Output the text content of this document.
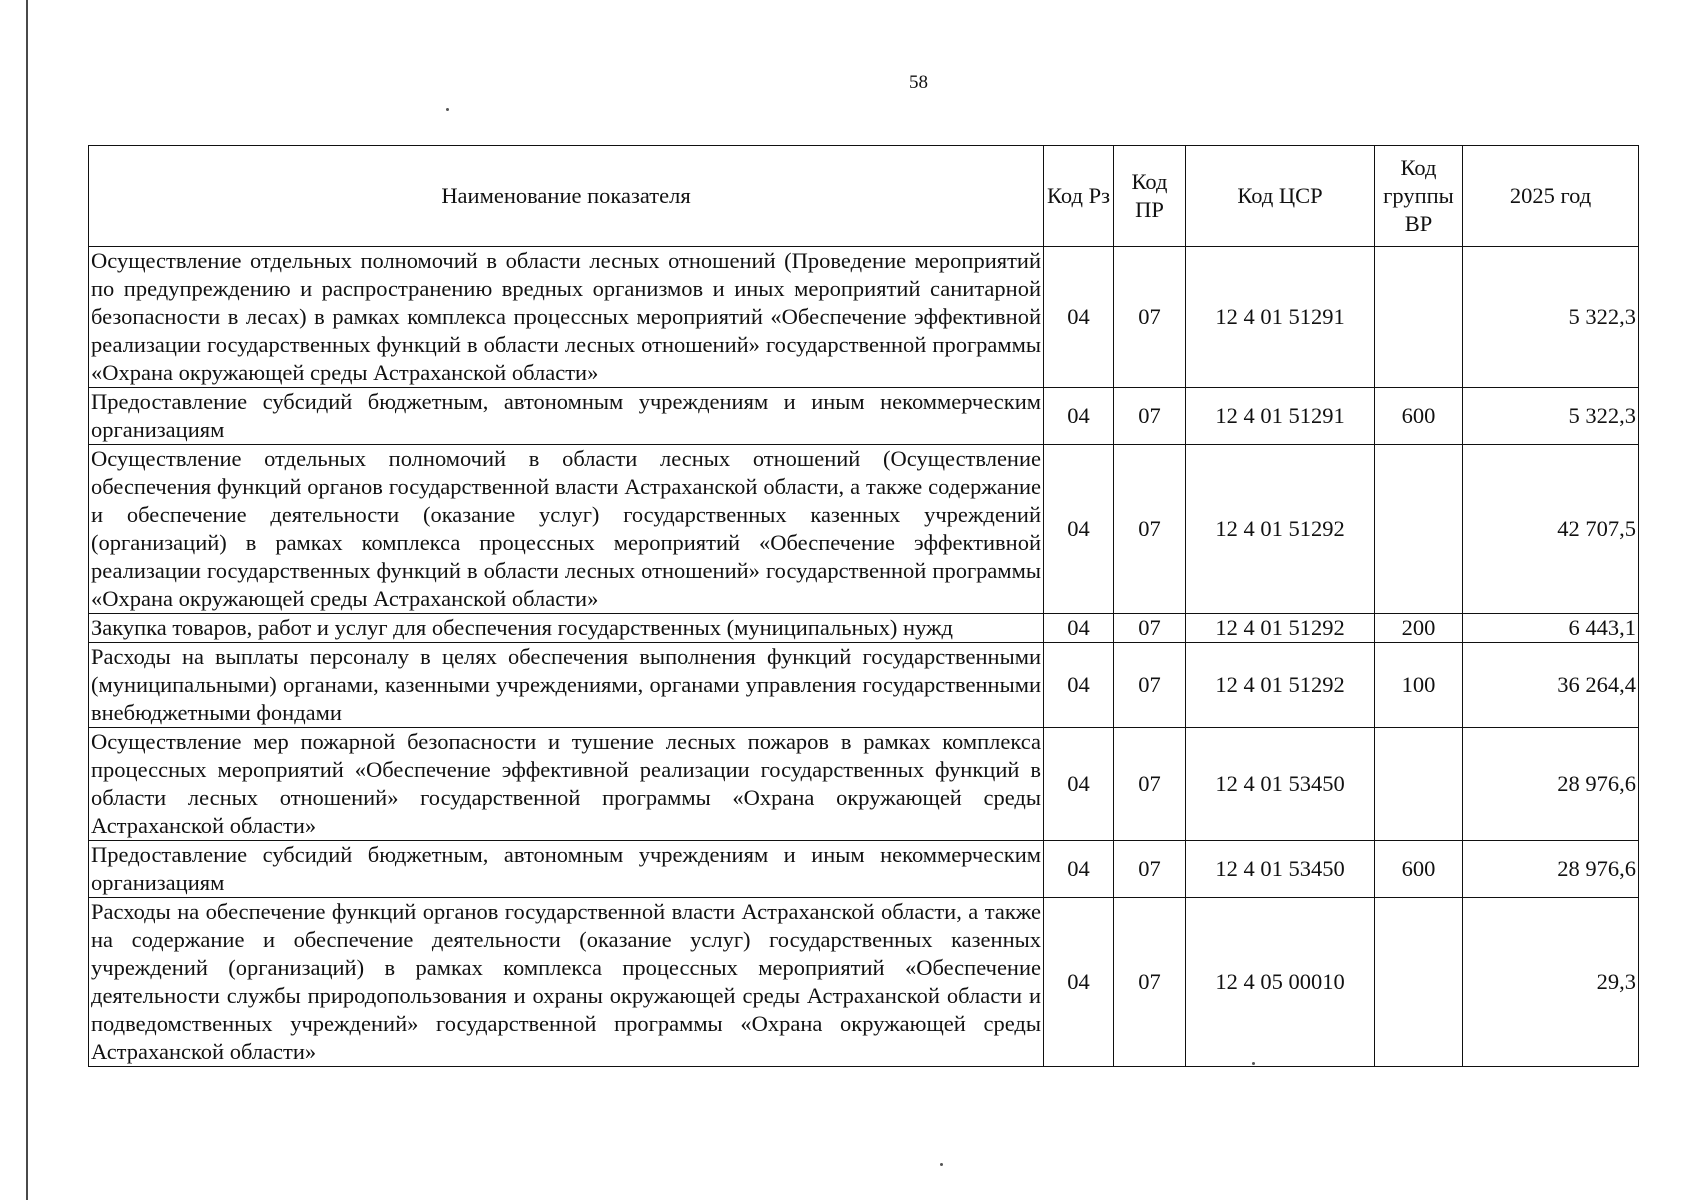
58
Наименование показателя	Код Рз	Код ПР	Код ЦСР	Код группы ВР	2025 год
Осуществление отдельных полномочий в области лесных отношений (Проведение мероприятий по предупреждению и распространению вредных организмов и иных мероприятий санитарной безопасности в лесах) в рамках комплекса процессных мероприятий «Обеспечение эффективной реализации государственных функций в области лесных отношений» государственной программы «Охрана окружающей среды Астраханской области»	04	07	12 4 01 51291		5 322,3
Предоставление субсидий бюджетным, автономным учреждениям и иным некоммерческим организациям	04	07	12 4 01 51291	600	5 322,3
Осуществление отдельных полномочий в области лесных отношений (Осуществление обеспечения функций органов государственной власти Астраханской области, а также содержание и обеспечение деятельности (оказание услуг) государственных казенных учреждений (организаций) в рамках комплекса процессных мероприятий «Обеспечение эффективной реализации государственных функций в области лесных отношений» государственной программы «Охрана окружающей среды Астраханской области»	04	07	12 4 01 51292		42 707,5
Закупка товаров, работ и услуг для обеспечения государственных (муниципальных) нужд	04	07	12 4 01 51292	200	6 443,1
Расходы на выплаты персоналу в целях обеспечения выполнения функций государственными (муниципальными) органами, казенными учреждениями, органами управления государственными внебюджетными фондами	04	07	12 4 01 51292	100	36 264,4
Осуществление мер пожарной безопасности и тушение лесных пожаров в рамках комплекса процессных мероприятий «Обеспечение эффективной реализации государственных функций в области лесных отношений» государственной программы «Охрана окружающей среды Астраханской области»	04	07	12 4 01 53450		28 976,6
Предоставление субсидий бюджетным, автономным учреждениям и иным некоммерческим организациям	04	07	12 4 01 53450	600	28 976,6
Расходы на обеспечение функций органов государственной власти Астраханской области, а также на содержание и обеспечение деятельности (оказание услуг) государственных казенных учреждений (организаций) в рамках комплекса процессных мероприятий «Обеспечение деятельности службы природопользования и охраны окружающей среды Астраханской области и подведомственных учреждений» государственной программы «Охрана окружающей среды Астраханской области»	04	07	12 4 05 00010		29,3
